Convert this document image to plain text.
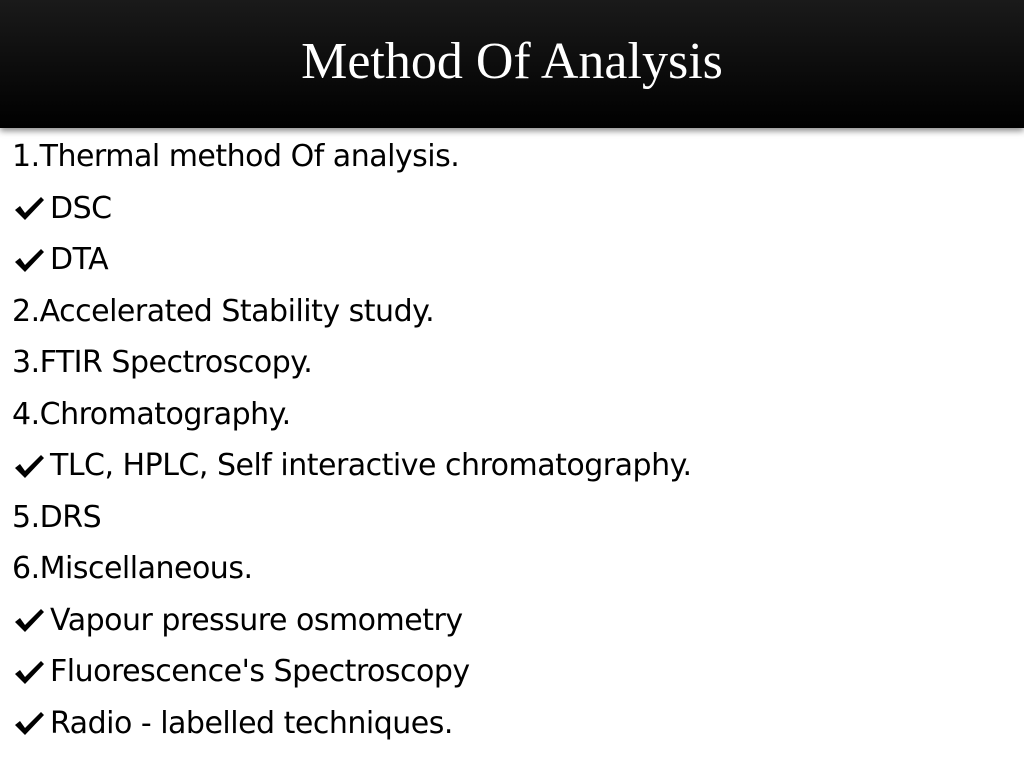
Method Of Analysis
1.Thermal method Of analysis.
DSC
DTA
2.Accelerated Stability study.
3.FTIR Spectroscopy.
4.Chromatography.
TLC, HPLC, Self interactive chromatography.
5.DRS
6.Miscellaneous.
Vapour pressure osmometry
Fluorescence's Spectroscopy
Radio - labelled techniques.
